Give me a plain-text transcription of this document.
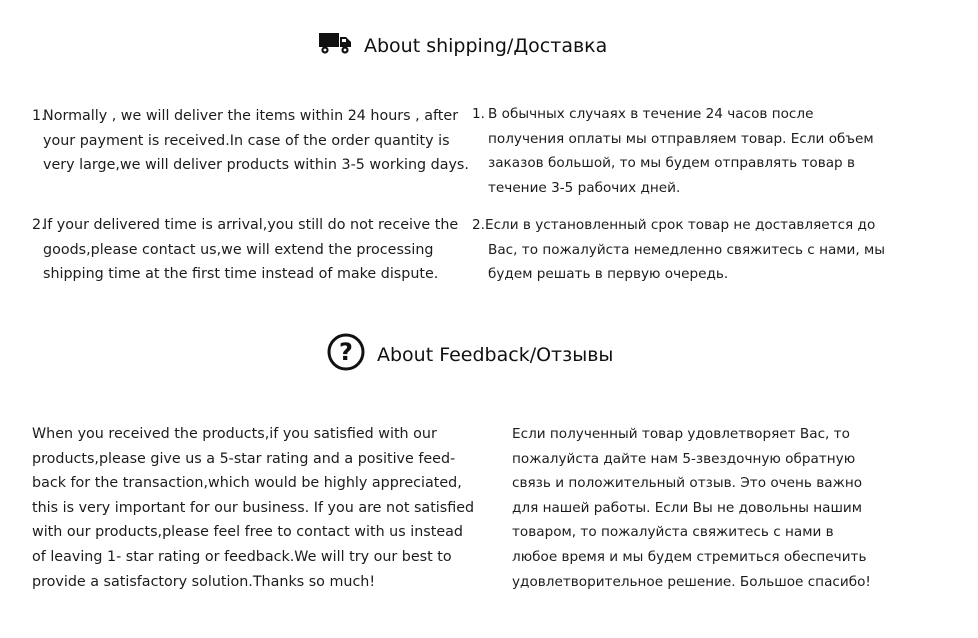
About shipping/Доставка
1.
Normally , we will deliver the items within 24 hours , after
your payment is received.In case of the order quantity is
very large,we will deliver products within 3-5 working days.
2.
If your delivered time is arrival,you still do not receive the
goods,please contact us,we will extend the processing
shipping time at the first time instead of make dispute.
1. В обычных случаях в течение 24 часов после
получения оплаты мы отправляем товар. Если объем
заказов большой, то мы будем отправлять товар в
течение 3-5 рабочих дней.
2.Если в установленный срок товар не доставляется до
Вас, то пожалуйста немедленно свяжитесь с нами, мы
будем решать в первую очередь.
? About Feedback/Отзывы
When you received the products,if you satisfied with our
products,please give us a 5-star rating and a positive feed-
back for the transaction,which would be highly appreciated,
this is very important for our business. If you are not satisfied
with our products,please feel free to contact with us instead
of leaving 1- star rating or feedback.We will try our best to
provide a satisfactory solution.Thanks so much!
Если полученный товар удовлетворяет Вас, то
пожалуйста дайте нам 5-звездочную обратную
связь и положительный отзыв. Это очень важно
для нашей работы. Если Вы не довольны нашим
товаром, то пожалуйста свяжитесь с нами в
любое время и мы будем стремиться обеспечить
удовлетворительное решение. Большое спасибо!
